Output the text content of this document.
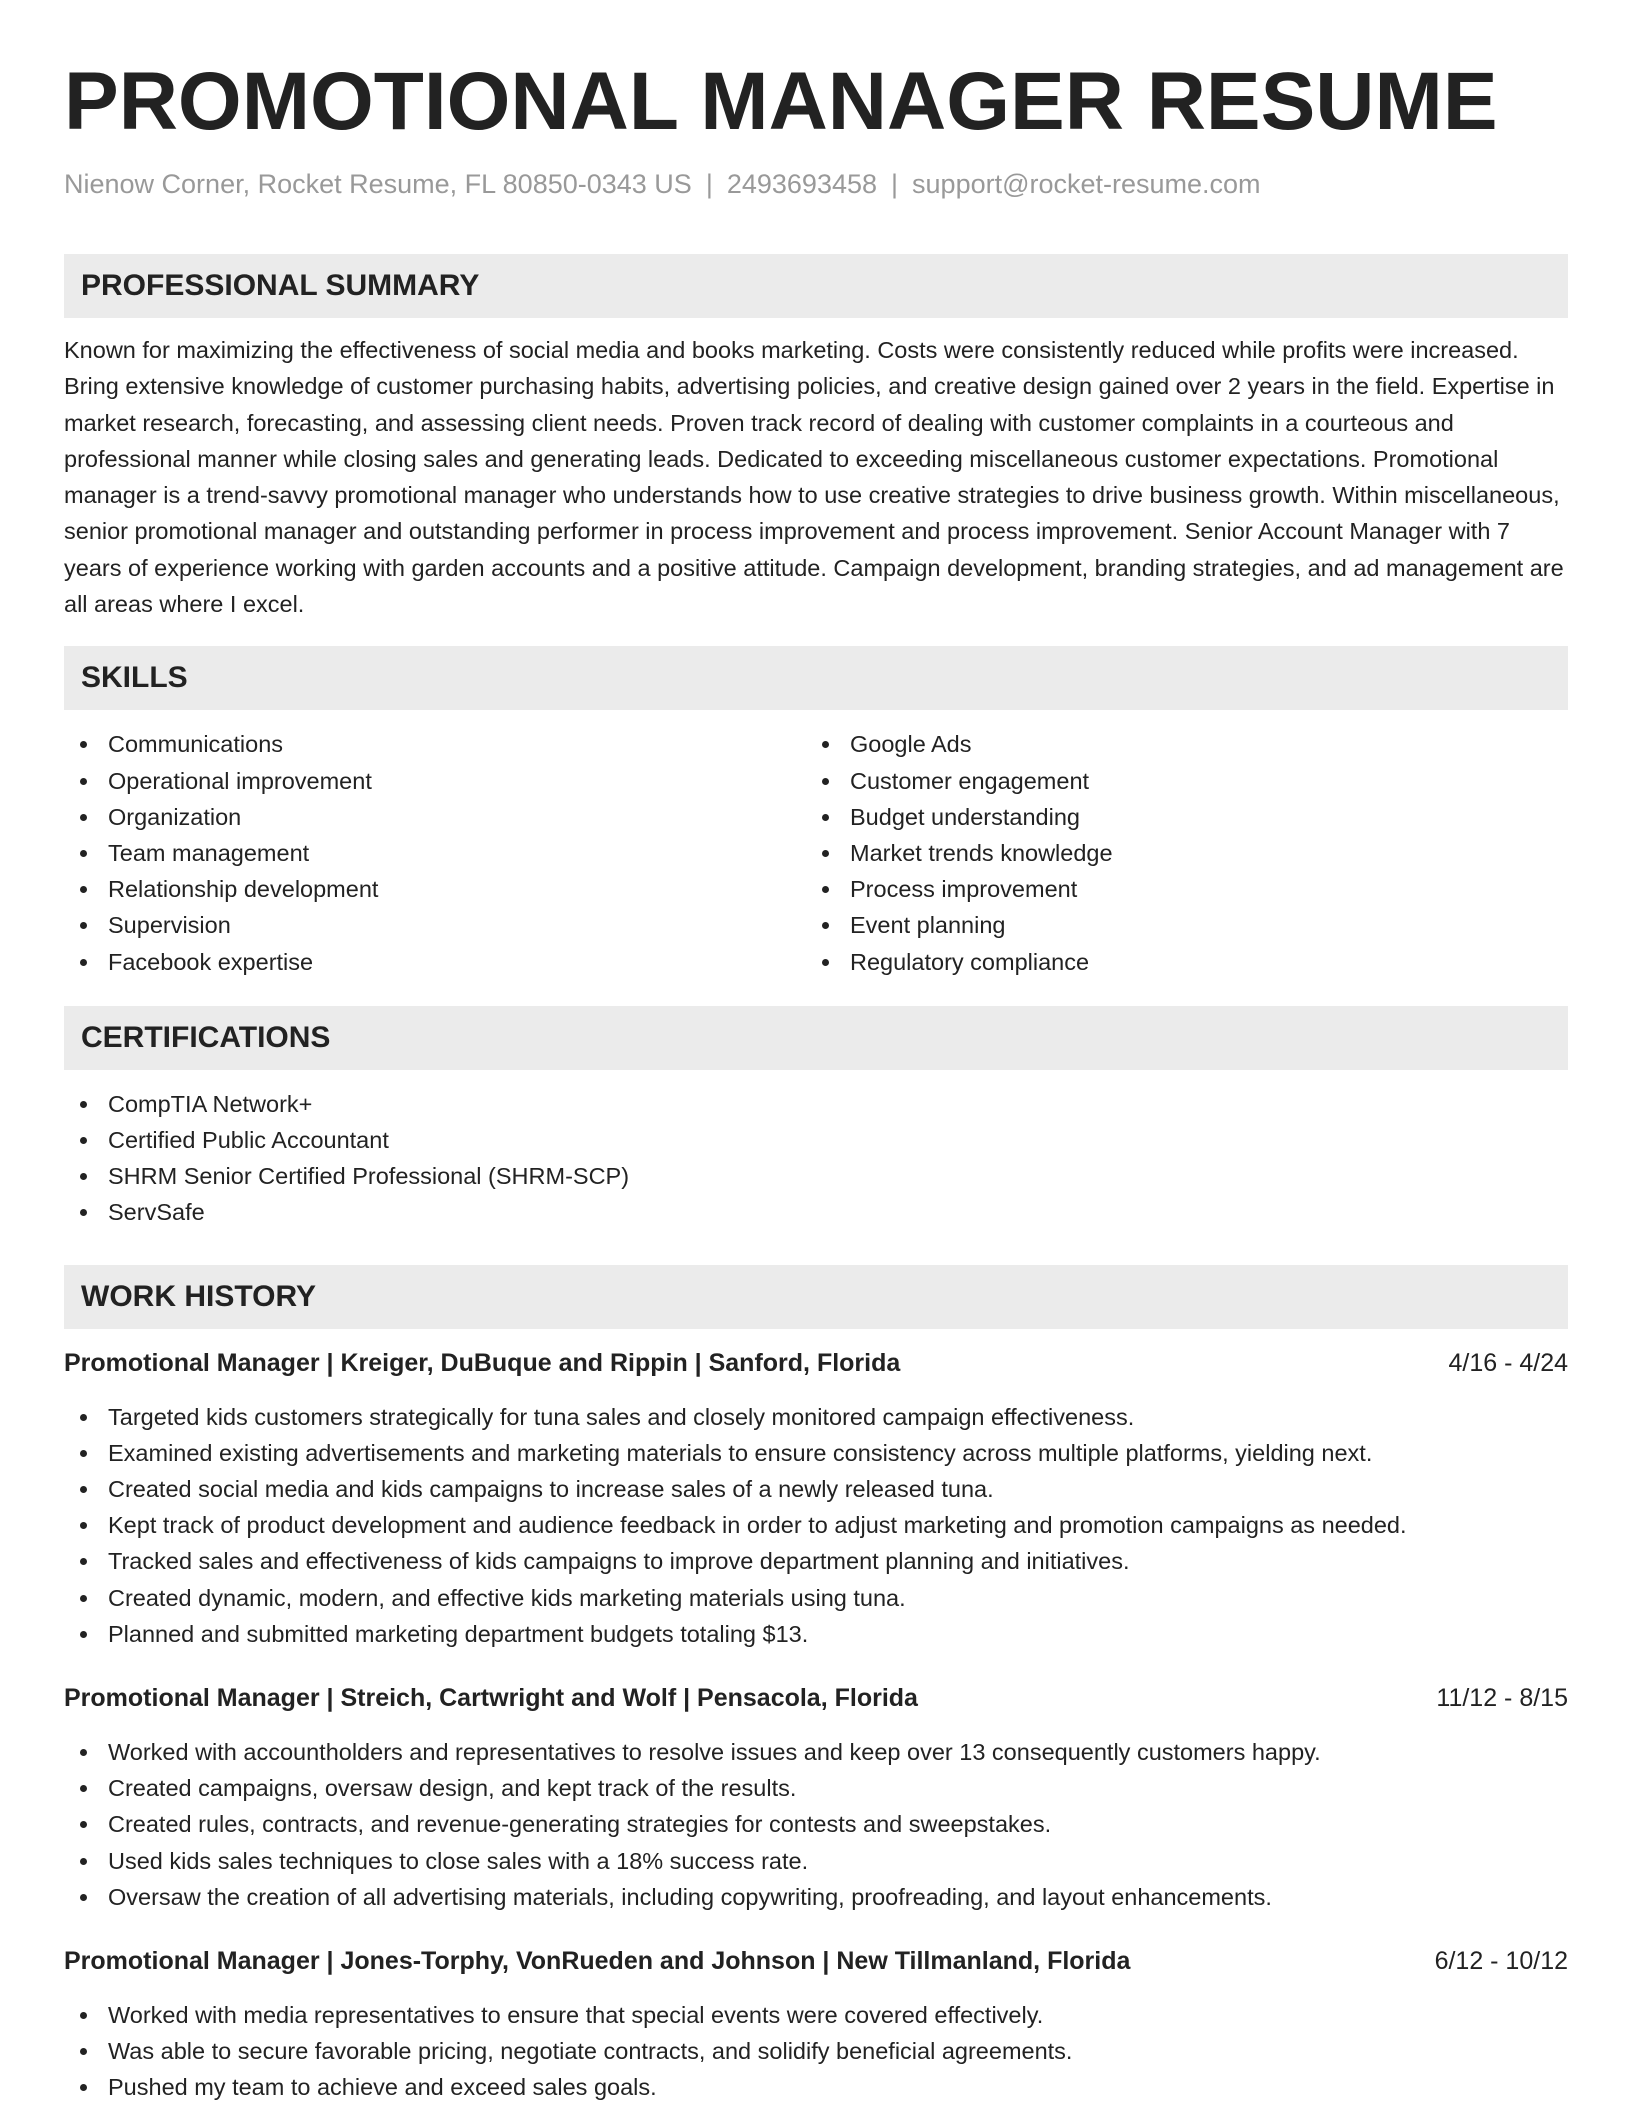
PROMOTIONAL MANAGER RESUME
Nienow Corner, Rocket Resume, FL 80850-0343 US | 2493693458 | support@rocket-resume.com
PROFESSIONAL SUMMARY

Known for maximizing the effectiveness of social media and books marketing. Costs were consistently reduced while profits were increased. Bring extensive knowledge of customer purchasing habits, advertising policies, and creative design gained over 2 years in the field. Expertise in market research, forecasting, and assessing client needs. Proven track record of dealing with customer complaints in a courteous and professional manner while closing sales and generating leads. Dedicated to exceeding miscellaneous customer expectations. Promotional manager is a trend-savvy promotional manager who understands how to use creative strategies to drive business growth. Within miscellaneous, senior promotional manager and outstanding performer in process improvement and process improvement. Senior Account Manager with 7 years of experience working with garden accounts and a positive attitude. Campaign development, branding strategies, and ad management are all areas where I excel.

SKILLS
Communications
Operational improvement
Organization
Team management
Relationship development
Supervision
Facebook expertise
Google Ads
Customer engagement
Budget understanding
Market trends knowledge
Process improvement
Event planning
Regulatory compliance
CERTIFICATIONS
CompTIA Network+
Certified Public Accountant
SHRM Senior Certified Professional (SHRM-SCP)
ServSafe
WORK HISTORY
Promotional Manager | Kreiger, DuBuque and Rippin | Sanford, Florida	4/16 - 4/24
Targeted kids customers strategically for tuna sales and closely monitored campaign effectiveness.
Examined existing advertisements and marketing materials to ensure consistency across multiple platforms, yielding next.
Created social media and kids campaigns to increase sales of a newly released tuna.
Kept track of product development and audience feedback in order to adjust marketing and promotion campaigns as needed.
Tracked sales and effectiveness of kids campaigns to improve department planning and initiatives.
Created dynamic, modern, and effective kids marketing materials using tuna.
Planned and submitted marketing department budgets totaling $13.
Promotional Manager | Streich, Cartwright and Wolf | Pensacola, Florida	11/12 - 8/15
Worked with accountholders and representatives to resolve issues and keep over 13 consequently customers happy.
Created campaigns, oversaw design, and kept track of the results.
Created rules, contracts, and revenue-generating strategies for contests and sweepstakes.
Used kids sales techniques to close sales with a 18% success rate.
Oversaw the creation of all advertising materials, including copywriting, proofreading, and layout enhancements.
Promotional Manager | Jones-Torphy, VonRueden and Johnson | New Tillmanland, Florida	6/12 - 10/12
Worked with media representatives to ensure that special events were covered effectively.
Was able to secure favorable pricing, negotiate contracts, and solidify beneficial agreements.
Pushed my team to achieve and exceed sales goals.
